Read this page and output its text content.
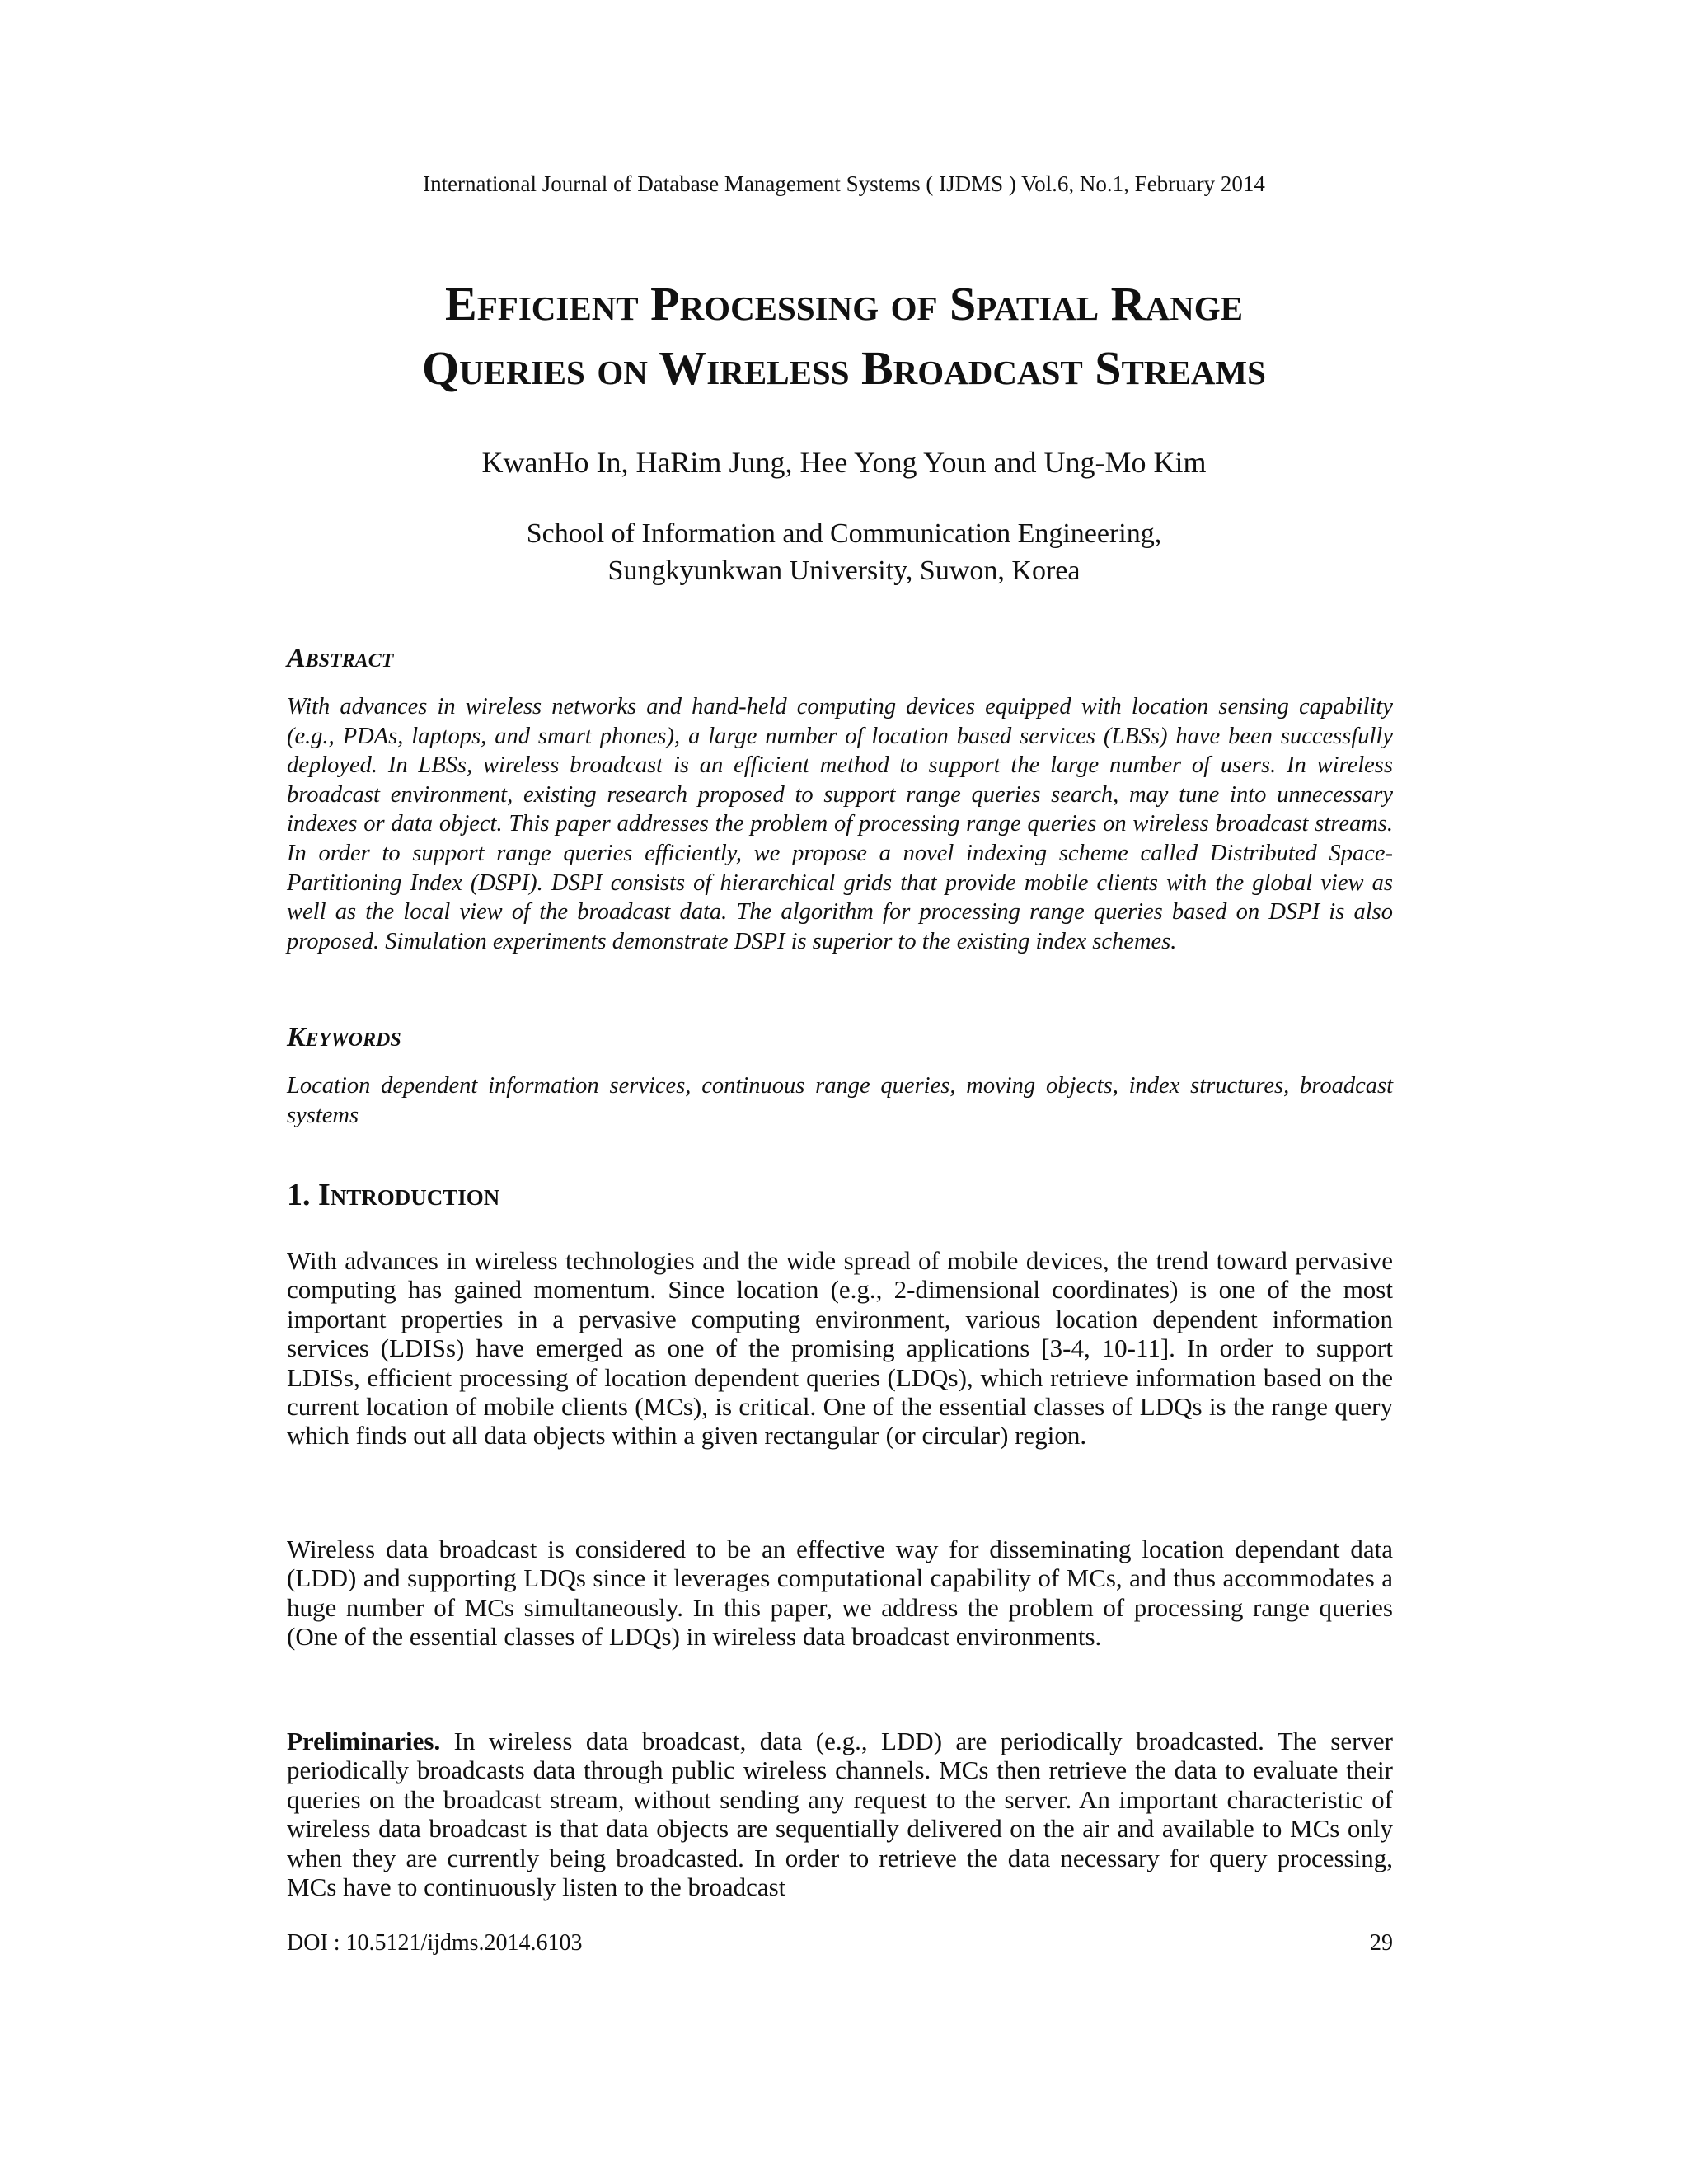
International Journal of Database Management Systems ( IJDMS ) Vol.6, No.1, February 2014
Efficient Processing of Spatial Range
Queries on Wireless Broadcast Streams
KwanHo In, HaRim Jung, Hee Yong Youn and Ung-Mo Kim
School of Information and Communication Engineering,
Sungkyunkwan University, Suwon, Korea
Abstract
With advances in wireless networks and hand-held computing devices equipped with location sensing capability (e.g., PDAs, laptops, and smart phones), a large number of location based services (LBSs) have been successfully deployed. In LBSs, wireless broadcast is an efficient method to support the large number of users. In wireless broadcast environment, existing research proposed to support range queries search, may tune into unnecessary indexes or data object. This paper addresses the problem of processing range queries on wireless broadcast streams. In order to support range queries efficiently, we propose a novel indexing scheme called Distributed Space-Partitioning Index (DSPI). DSPI consists of hierarchical grids that provide mobile clients with the global view as well as the local view of the broadcast data. The algorithm for processing range queries based on DSPI is also proposed. Simulation experiments demonstrate DSPI is superior to the existing index schemes.
Keywords
Location dependent information services, continuous range queries, moving objects, index structures, broadcast systems
1. Introduction
With advances in wireless technologies and the wide spread of mobile devices, the trend toward pervasive computing has gained momentum. Since location (e.g., 2-dimensional coordinates) is one of the most important properties in a pervasive computing environment, various location dependent information services (LDISs) have emerged as one of the promising applications [3-4, 10-11]. In order to support LDISs, efficient processing of location dependent queries (LDQs), which retrieve information based on the current location of mobile clients (MCs), is critical. One of the essential classes of LDQs is the range query which finds out all data objects within a given rectangular (or circular) region.
Wireless data broadcast is considered to be an effective way for disseminating location dependant data (LDD) and supporting LDQs since it leverages computational capability of MCs, and thus accommodates a huge number of MCs simultaneously. In this paper, we address the problem of processing range queries (One of the essential classes of LDQs) in wireless data broadcast environments.
Preliminaries. In wireless data broadcast, data (e.g., LDD) are periodically broadcasted. The server periodically broadcasts data through public wireless channels. MCs then retrieve the data to evaluate their queries on the broadcast stream, without sending any request to the server. An important characteristic of wireless data broadcast is that data objects are sequentially delivered on the air and available to MCs only when they are currently being broadcasted. In order to retrieve the data necessary for query processing, MCs have to continuously listen to the broadcast
DOI : 10.5121/ijdms.2014.6103	29
